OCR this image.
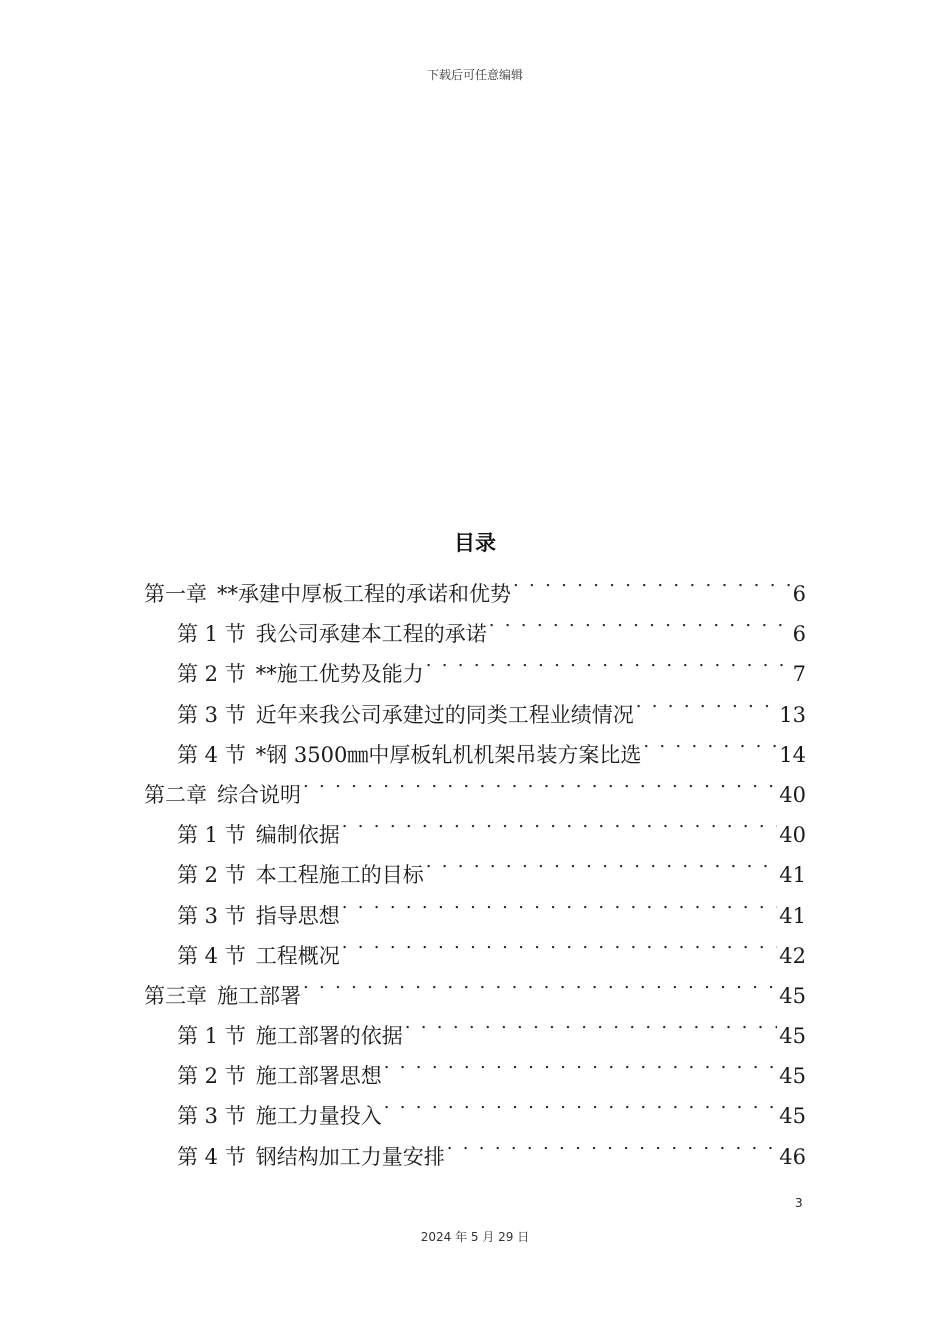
下载后可任意编辑
目录
第一章 **承建中厚板工程的承诺和优势 . . .	6
第 1 节 我公司承建本工程的承诺 . . .	6
第 2 节 **施工优势及能力 . . .	7
第 3 节 近年来我公司承建过的同类工程业绩情况 . . .	13
第 4 节 *钢 3500㎜中厚板轧机机架吊装方案比选 . . .	14
第二章 综合说明 . . .	40
第 1 节 编制依据 . . .	40
第 2 节 本工程施工的目标 . . .	41
第 3 节 指导思想 . . .	41
第 4 节 工程概况 . . .	42
第三章 施工部署 . . .	45
第 1 节 施工部署的依据 . . .	45
第 2 节 施工部署思想 . . .	45
第 3 节 施工力量投入 . . .	45
第 4 节 钢结构加工力量安排 . . .	46
3
2024 年 5 月 29 日
